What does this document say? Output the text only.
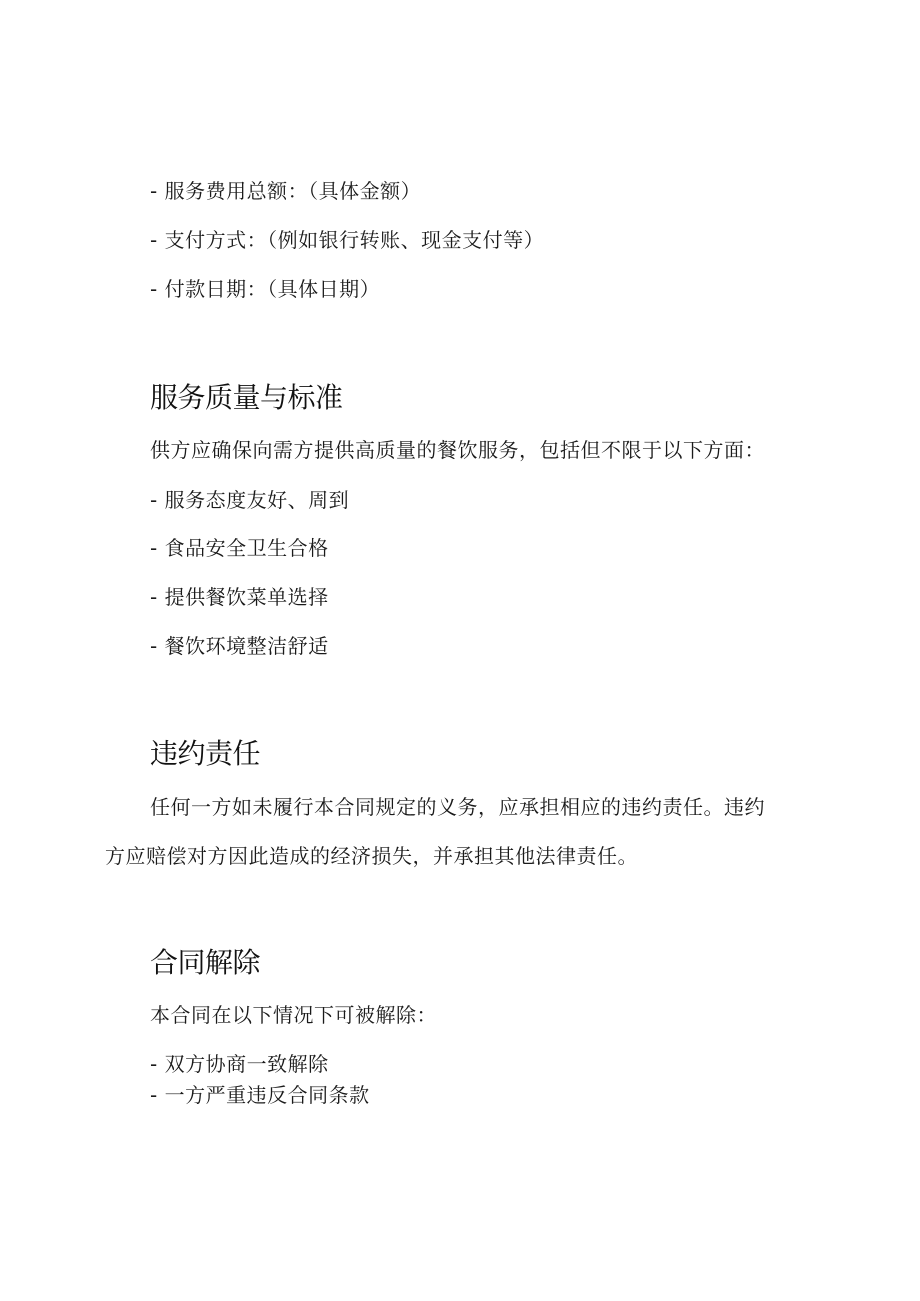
- 服务费用总额：（具体金额）
- 支付方式：（例如银行转账、现金支付等）
- 付款日期：（具体日期）
服务质量与标准
供方应确保向需方提供高质量的餐饮服务，包括但不限于以下方面：
- 服务态度友好、周到
- 食品安全卫生合格
- 提供餐饮菜单选择
- 餐饮环境整洁舒适
违约责任
任何一方如未履行本合同规定的义务，应承担相应的违约责任。违约
方应赔偿对方因此造成的经济损失，并承担其他法律责任。
合同解除
本合同在以下情况下可被解除：
- 双方协商一致解除
- 一方严重违反合同条款
